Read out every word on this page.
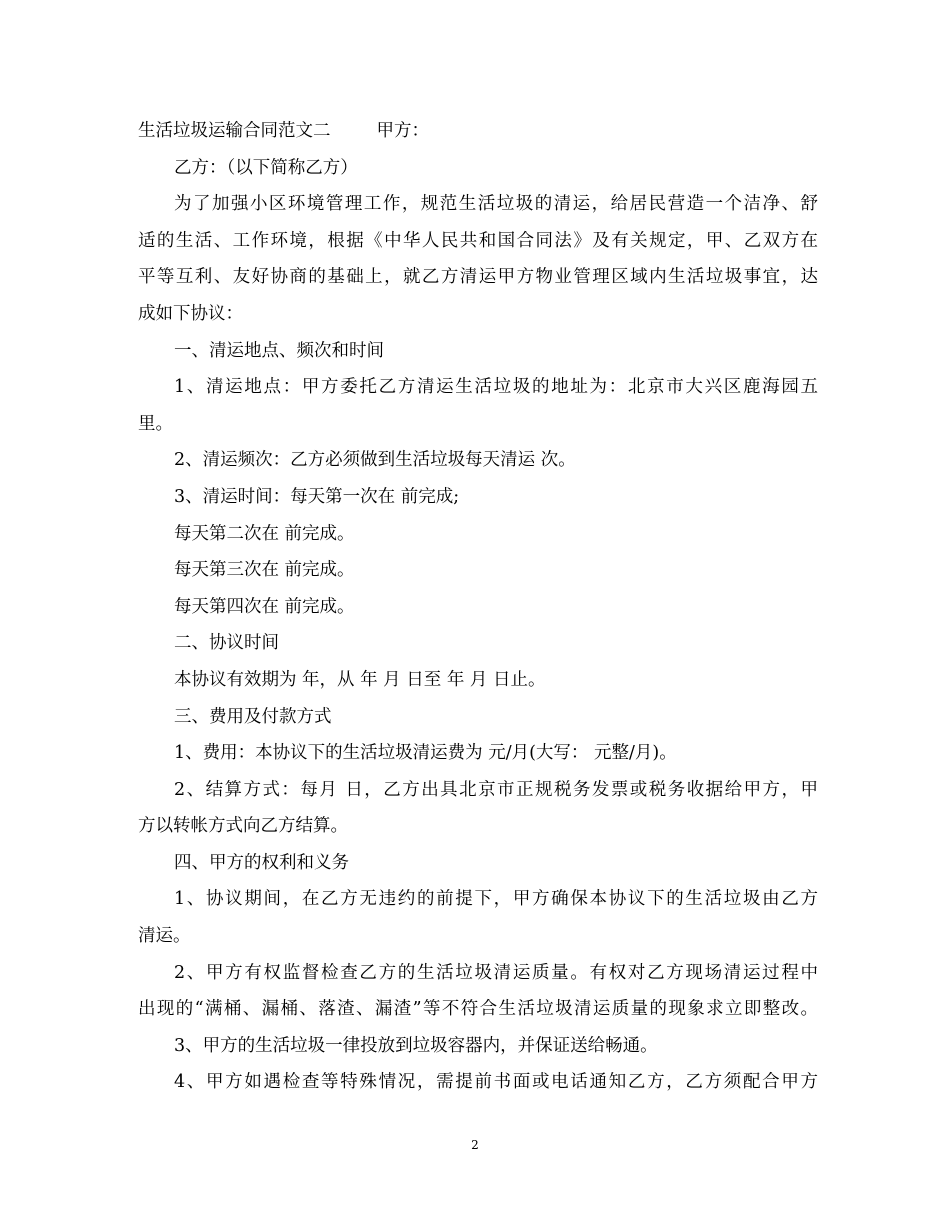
生活垃圾运输合同范文二	甲方：

乙方：（以下简称乙方）

为了加强小区环境管理工作，规范生活垃圾的清运，给居民营造一个洁净、舒

适的生活、工作环境，根据《中华人民共和国合同法》及有关规定，甲、乙双方在

平等互利、友好协商的基础上，就乙方清运甲方物业管理区域内生活垃圾事宜，达

成如下协议：

一、清运地点、频次和时间

1、清运地点：甲方委托乙方清运生活垃圾的地址为：北京市大兴区鹿海园五

里。

2、清运频次：乙方必须做到生活垃圾每天清运 次。

3、清运时间：每天第一次在 前完成;

每天第二次在 前完成。

每天第三次在 前完成。

每天第四次在 前完成。

二、协议时间

本协议有效期为 年，从 年 月 日至 年 月 日止。

三、费用及付款方式

1、费用：本协议下的生活垃圾清运费为 元/月(大写： 元整/月)。

2、结算方式：每月 日，乙方出具北京市正规税务发票或税务收据给甲方，甲

方以转帐方式向乙方结算。

四、甲方的权利和义务

1、协议期间，在乙方无违约的前提下，甲方确保本协议下的生活垃圾由乙方

清运。

2、甲方有权监督检查乙方的生活垃圾清运质量。有权对乙方现场清运过程中

出现的“满桶、漏桶、落渣、漏渣”等不符合生活垃圾清运质量的现象求立即整改。

3、甲方的生活垃圾一律投放到垃圾容器内，并保证送给畅通。

4、甲方如遇检查等特殊情况，需提前书面或电话通知乙方，乙方须配合甲方

2
